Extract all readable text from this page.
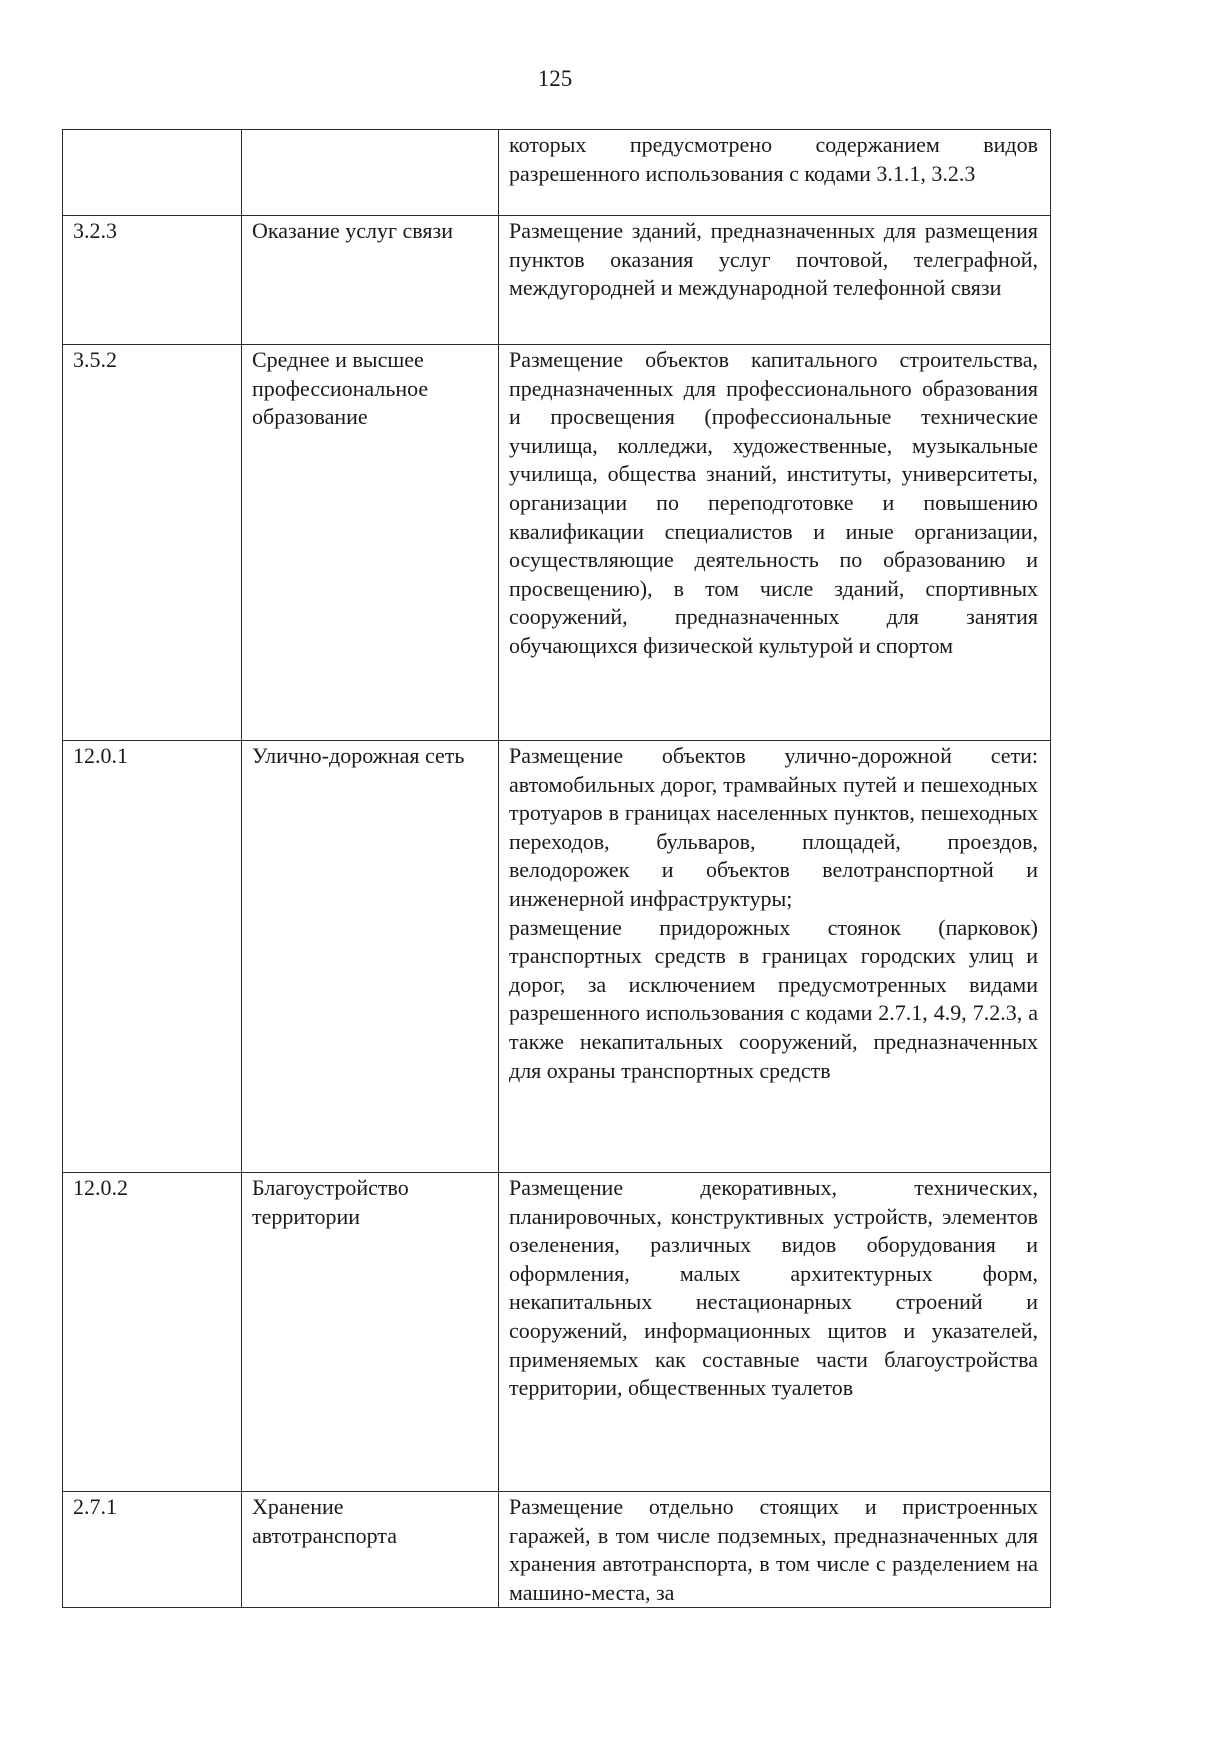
125
		которых предусмотрено содержанием видов разрешенного использования с кодами 3.1.1, 3.2.3
3.2.3	Оказание услуг связи	Размещение зданий, предназначенных для размещения пунктов оказания услуг почтовой, телеграфной, междугородней и международной телефонной связи
3.5.2	Среднее и высшее профессиональное образование	Размещение объектов капитального строительства, предназначенных для профессионального образования и просвещения (профессиональные технические училища, колледжи, художественные, музыкальные училища, общества знаний, институты, университеты, организации по переподготовке и повышению квалификации специалистов и иные организации, осуществляющие деятельность по образованию и просвещению), в том числе зданий, спортивных сооружений, предназначенных для занятия обучающихся физической культурой и спортом
12.0.1	Улично-дорожная сеть	Размещение объектов улично-дорожной сети: автомобильных дорог, трамвайных путей и пешеходных тротуаров в границах населенных пунктов, пешеходных переходов, бульваров, площадей, проездов, велодорожек и объектов велотранспортной и инженерной инфраструктуры;
размещение придорожных стоянок (парковок) транспортных средств в границах городских улиц и дорог, за исключением предусмотренных видами разрешенного использования с кодами 2.7.1, 4.9, 7.2.3, а также некапитальных сооружений, предназначенных для охраны транспортных средств

12.0.2	Благоустройство территории	Размещение декоративных, технических, планировочных, конструктивных устройств, элементов озеленения, различных видов оборудования и оформления, малых архитектурных форм, некапитальных нестационарных строений и сооружений, информационных щитов и указателей, применяемых как составные части благоустройства территории, общественных туалетов
2.7.1	Хранение автотранспорта	Размещение отдельно стоящих и пристроенных гаражей, в том числе подземных, предназначенных для хранения автотранспорта, в том числе с разделением на машино-места, за
